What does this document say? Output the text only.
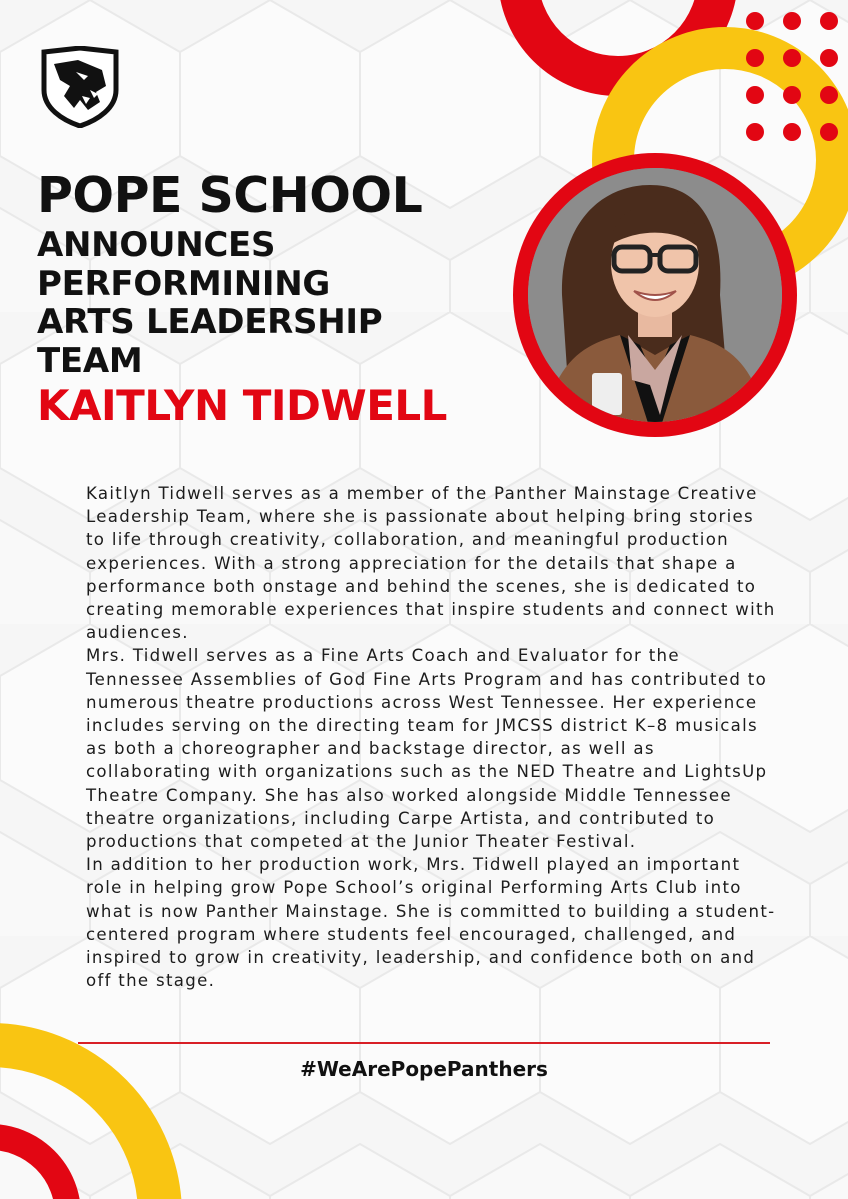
POPE SCHOOL
ANNOUNCES
PERFORMINING
ARTS LEADERSHIP
TEAM
KAITLYN TIDWELL

Kaitlyn Tidwell serves as a member of the Panther Mainstage Creative Leadership Team, where she is passionate about helping bring stories to life through creativity, collaboration, and meaningful production experiences. With a strong appreciation for the details that shape a performance both onstage and behind the scenes, she is dedicated to creating memorable experiences that inspire students and connect with audiences.

Mrs. Tidwell serves as a Fine Arts Coach and Evaluator for the Tennessee Assemblies of God Fine Arts Program and has contributed to numerous theatre productions across West Tennessee. Her experience includes serving on the directing team for JMCSS district K–8 musicals as both a choreographer and backstage director, as well as collaborating with organizations such as the NED Theatre and LightsUp Theatre Company. She has also worked alongside Middle Tennessee theatre organizations, including Carpe Artista, and contributed to productions that competed at the Junior Theater Festival.

In addition to her production work, Mrs. Tidwell played an important role in helping grow Pope School’s original Performing Arts Club into what is now Panther Mainstage. She is committed to building a student-centered program where students feel encouraged, challenged, and inspired to grow in creativity, leadership, and confidence both on and off the stage.

#WeArePopePanthers
